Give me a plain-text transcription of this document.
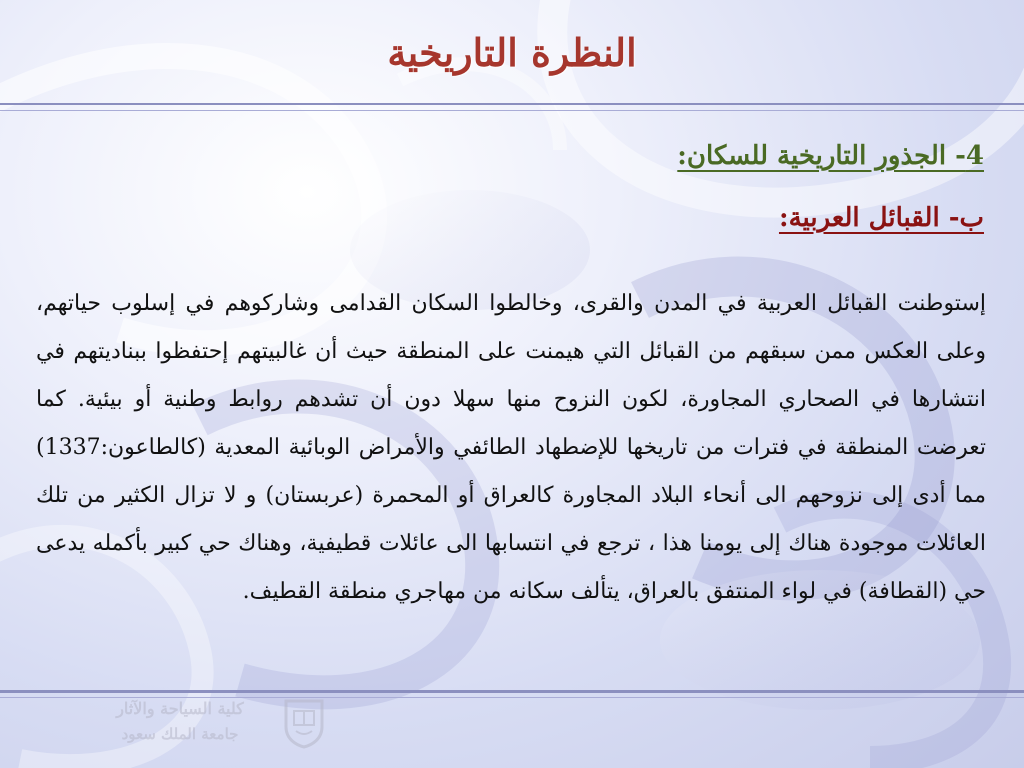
النظرة التاريخية
4- الجذور التاريخية للسكان:
ب- القبائل العربية:

إستوطنت القبائل العربية في المدن والقرى، وخالطوا السكان القدامى وشاركوهم في إسلوب حياتهم، وعلى العكس ممن سبقهم من القبائل التي هيمنت على المنطقة حيث أن غالبيتهم إحتفظوا ببناديتهم في انتشارها في الصحاري المجاورة، لكون النزوح منها سهلا دون أن تشدهم روابط وطنية أو بيئية. كما تعرضت المنطقة في فترات من تاريخها للإضطهاد الطائفي والأمراض الوبائية المعدية (كالطاعون:1337) مما أدى إلى نزوحهم الى أنحاء البلاد المجاورة كالعراق أو المحمرة (عربستان) و لا تزال الكثير من تلك العائلات موجودة هناك إلى يومنا هذا ، ترجع في انتسابها الى عائلات قطيفية، وهناك حي كبير بأكمله يدعى حي (القطافة) في لواء المنتفق بالعراق، يتألف سكانه من مهاجري منطقة القطيف.

كلية السياحة والآثار
جامعة الملك سعود
